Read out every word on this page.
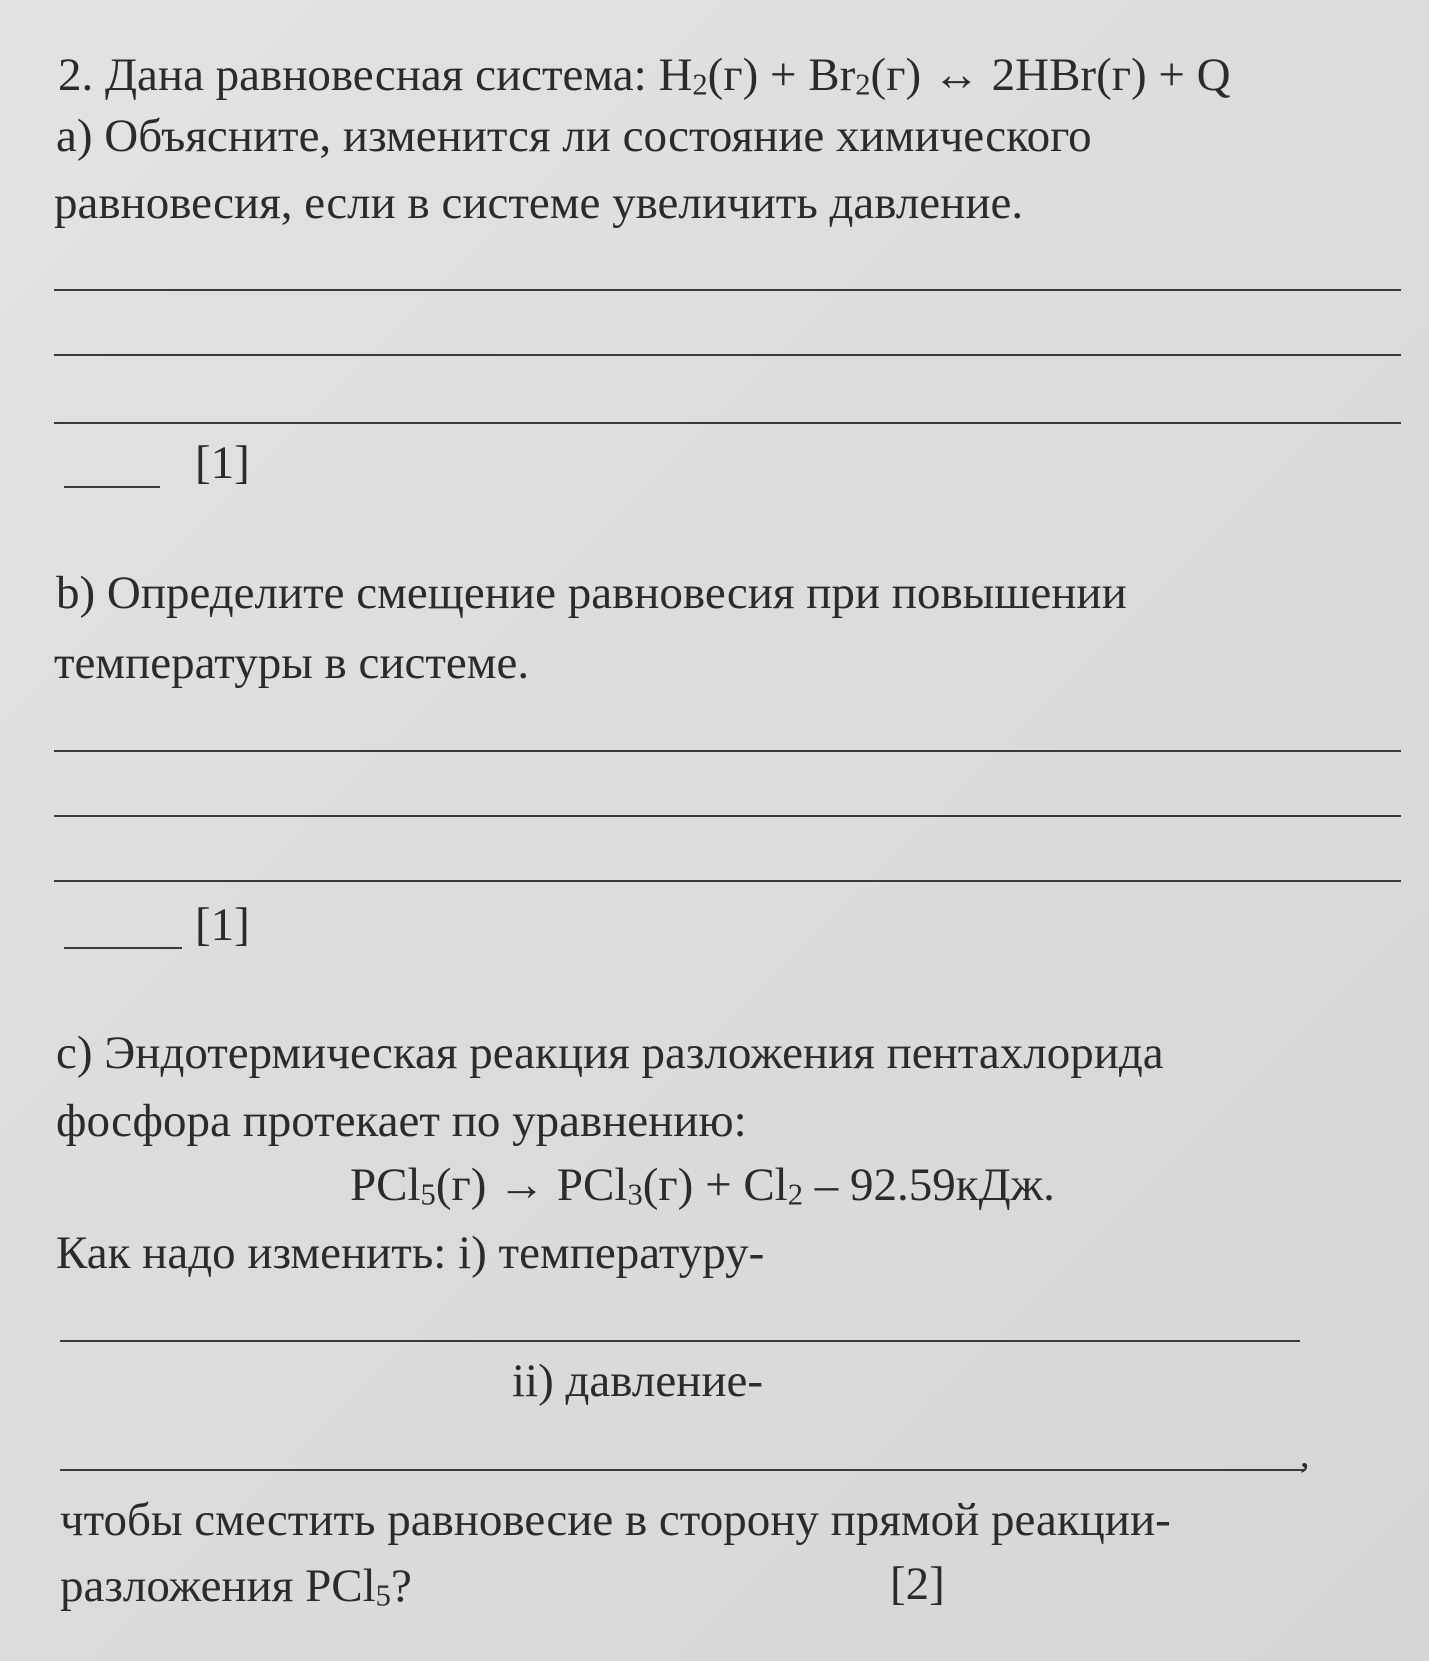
2. Дана равновесная система: $H_2(г) + Br_2(г)$ ↔ 2HBr(г) + Q
a) Объясните, изменится ли состояние химического
равновесия, если в системе увеличить давление.
[1]
b) Определите смещение равновесия при повышении
температуры в системе.
[1]
c) Эндотермическая реакция разложения пентахлорида
фосфора протекает по уравнению:
$PCl_5(г) \to PCl_3(г) + Cl_2 - 92.59кДж$.
Как надо изменить: i) температуру-
ii) давление-
,
чтобы сместить равновесие в сторону прямой реакции-
разложения PCl$_5$?	[2]
